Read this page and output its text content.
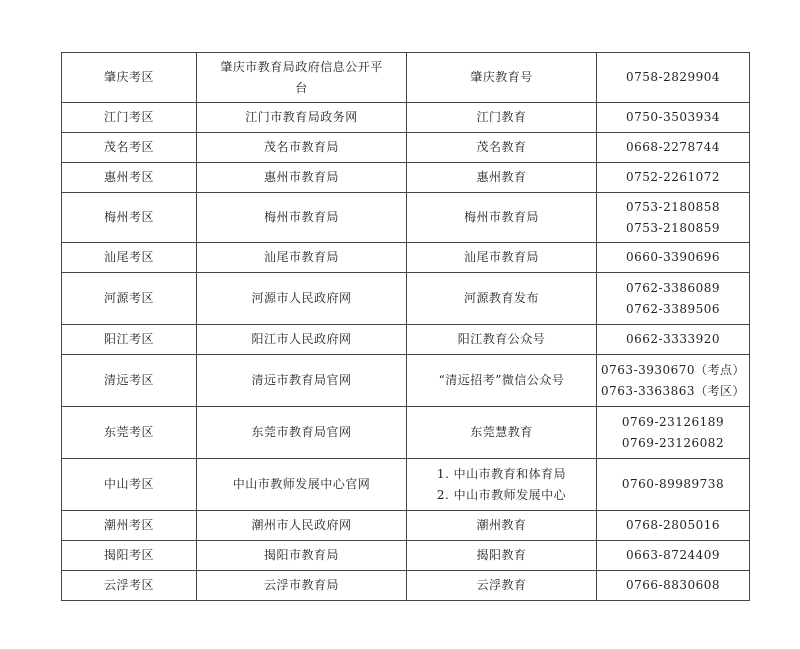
肇庆考区	肇庆市教育局政府信息公开平
台	肇庆教育号	0758-2829904

江门考区	江门市教育局政务网	江门教育	0750-3503934

茂名考区	茂名市教育局	茂名教育	0668-2278744

惠州考区	惠州市教育局	惠州教育	0752-2261072

梅州考区	梅州市教育局	梅州市教育局	0753-2180858
0753-2180859

汕尾考区	汕尾市教育局	汕尾市教育局	0660-3390696

河源考区	河源市人民政府网	河源教育发布	0762-3386089
0762-3389506

阳江考区	阳江市人民政府网	阳江教育公众号	0662-3333920

清远考区	清远市教育局官网	“清远招考”微信公众号	0763-3930670（考点）
0763-3363863（考区）

东莞考区	东莞市教育局官网	东莞慧教育	0769-23126189
0769-23126082

中山考区	中山市教师发展中心官网	1. 中山市教育和体育局
2. 中山市教师发展中心	0760-89989738

潮州考区	潮州市人民政府网	潮州教育	0768-2805016

揭阳考区	揭阳市教育局	揭阳教育	0663-8724409

云浮考区	云浮市教育局	云浮教育	0766-8830608
